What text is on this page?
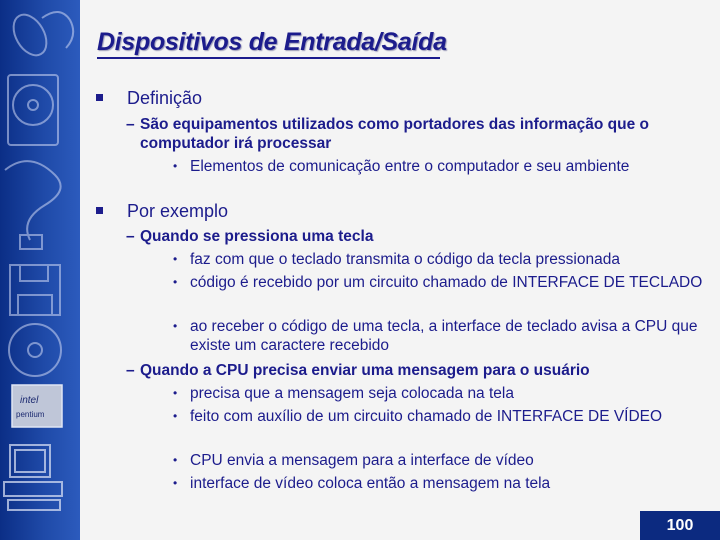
intel
pentium
Dispositivos de Entrada/Saída
Definição
– São equipamentos utilizados como portadores das informação que o computador irá processar
• Elementos de comunicação entre o computador e seu ambiente
Por exemplo
– Quando se pressiona uma tecla
• faz com que o teclado transmita o código da tecla pressionada
• código é recebido por um circuito chamado de INTERFACE DE TECLADO
• ao receber o código de uma tecla, a interface de teclado avisa a CPU que existe um caractere recebido
– Quando a CPU precisa enviar uma mensagem para o usuário
• precisa que a mensagem seja colocada na tela
• feito com auxílio de um circuito chamado de INTERFACE DE VÍDEO
• CPU envia a mensagem para a interface de vídeo
• interface de vídeo coloca então a mensagem na tela
100
